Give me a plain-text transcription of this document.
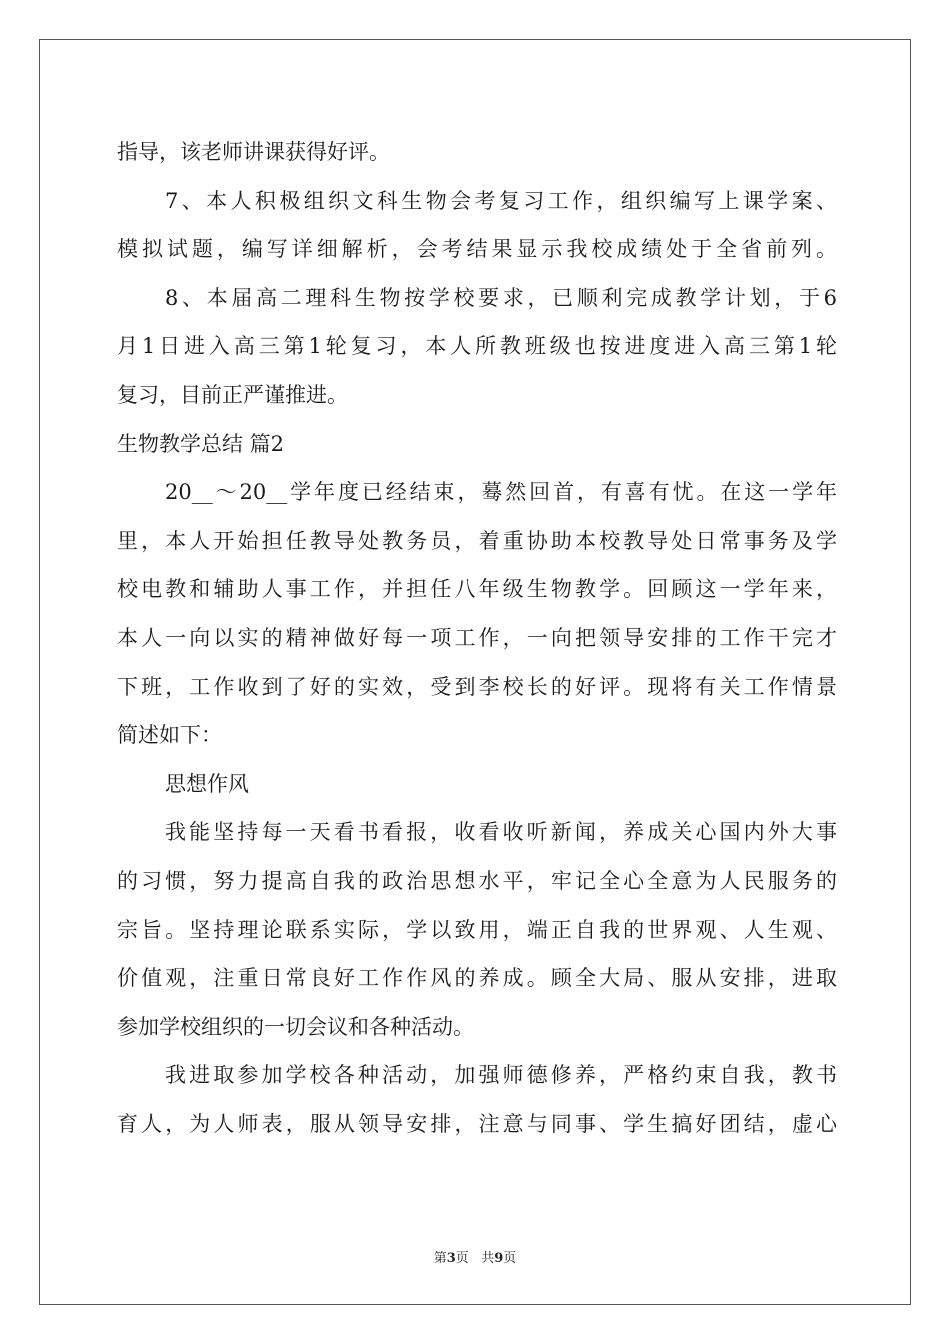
指导，该老师讲课获得好评。
7、本人积极组织文科生物会考复习工作，组织编写上课学案、
模拟试题，编写详细解析，会考结果显示我校成绩处于全省前列。
8、本届高二理科生物按学校要求，已顺利完成教学计划，于6
月1日进入高三第1轮复习，本人所教班级也按进度进入高三第1轮
复习，目前正严谨推进。
生物教学总结 篇2
20__～20__学年度已经结束，蓦然回首，有喜有忧。在这一学年
里，本人开始担任教导处教务员，着重协助本校教导处日常事务及学
校电教和辅助人事工作，并担任八年级生物教学。回顾这一学年来，
本人一向以实的精神做好每一项工作，一向把领导安排的工作干完才
下班，工作收到了好的实效，受到李校长的好评。现将有关工作情景
简述如下：
思想作风
我能坚持每一天看书看报，收看收听新闻，养成关心国内外大事
的习惯，努力提高自我的政治思想水平，牢记全心全意为人民服务的
宗旨。坚持理论联系实际，学以致用，端正自我的世界观、人生观、
价值观，注重日常良好工作作风的养成。顾全大局、服从安排，进取
参加学校组织的一切会议和各种活动。
我进取参加学校各种活动，加强师德修养，严格约束自我，教书
育人，为人师表，服从领导安排，注意与同事、学生搞好团结，虚心
第3页 共9页
